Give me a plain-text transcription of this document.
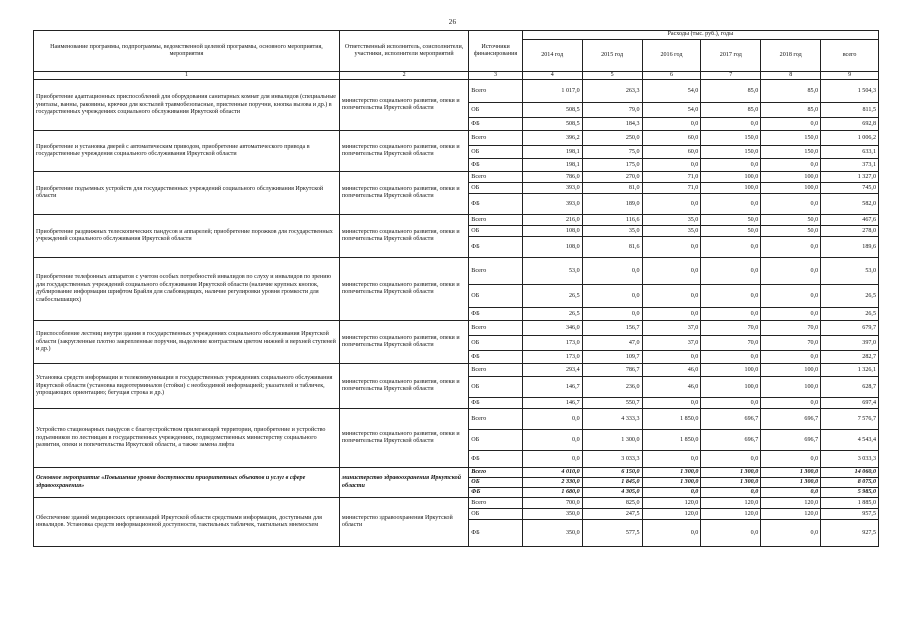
26
Наименование программы, подпрограммы, ведомственной целевой программы, основного мероприятия, мероприятия	Ответственный исполнитель, соисполнители, участники, исполнители мероприятий	Источники финансирования	Расходы (тыс. руб.), годы					
			2014 год	2015 год	2016 год	2017 год	2018 год	всего
1	2	3	4	5	6	7	8	9
Приобретение адаптационных приспособлений для оборудования санитарных комнат для инвалидов (специальные унитазы, ванны, раковины, крючки для костылей травмобезопасные, пристенные поручни, кнопка вызова и др.) в государственных учреждениях социального обслуживания Иркутской области	министерство социального развития, опеки и попечительства Иркутской области	Всего	1 017,0	263,3	54,0	85,0	85,0	1 504,3
		ОБ	508,5	79,0	54,0	85,0	85,0	811,5
		ФБ	508,5	184,3	0,0	0,0	0,0	692,8
Приобретение и установка дверей с автоматическим приводом, приобретение автоматического привода в государственные учреждения социального обслуживания Иркутской области	министерство социального развития, опеки и попечительства Иркутской области	Всего	396,2	250,0	60,0	150,0	150,0	1 006,2
		ОБ	198,1	75,0	60,0	150,0	150,0	633,1
		ФБ	198,1	175,0	0,0	0,0	0,0	373,1
Приобретение подъемных устройств для государственных учреждений социального обслуживания Иркутской области	министерство социального развития, опеки и попечительства Иркутской области	Всего	786,0	270,0	71,0	100,0	100,0	1 327,0
		ОБ	393,0	81,0	71,0	100,0	100,0	745,0
		ФБ	393,0	189,0	0,0	0,0	0,0	582,0
Приобретение раздвижных телескопических пандусов и аппарелей; приобретение порожков для государственных учреждений социального обслуживания Иркутской области	министерство социального развития, опеки и попечительства Иркутской области	Всего	216,0	116,6	35,0	50,0	50,0	467,6
		ОБ	108,0	35,0	35,0	50,0	50,0	278,0
		ФБ	108,0	81,6	0,0	0,0	0,0	189,6
Приобретение телефонных аппаратов с учетом особых потребностей инвалидов по слуху и инвалидов по зрению для государственных учреждений социального обслуживания Иркутской области (наличие крупных кнопок, дублирование информации шрифтом Брайля для слабовидящих, наличие регулировки уровня громкости для слабослышащих)	министерство социального развития, опеки и попечительства Иркутской области	Всего	53,0	0,0	0,0	0,0	0,0	53,0
		ОБ	26,5	0,0	0,0	0,0	0,0	26,5
		ФБ	26,5	0,0	0,0	0,0	0,0	26,5
Приспособление лестниц внутри здания в государственных учреждениях социального обслуживания Иркутской области (закругленные плотно закрепленные поручни, выделение контрастным цветом нижней и верхней ступеней и др.)	министерство социального развития, опеки и попечительства Иркутской области	Всего	346,0	156,7	37,0	70,0	70,0	679,7
		ОБ	173,0	47,0	37,0	70,0	70,0	397,0
		ФБ	173,0	109,7	0,0	0,0	0,0	282,7
Установка средств информации и телекоммуникации в государственных учреждениях социального обслуживания Иркутской области (установка видеотерминалов (стойки) с необходимой информацией; указателей и табличек, упрощающих ориентацию; бегущая строка и др.)	министерство социального развития, опеки и попечительства Иркутской области	Всего	293,4	786,7	46,0	100,0	100,0	1 326,1
		ОБ	146,7	236,0	46,0	100,0	100,0	628,7
		ФБ	146,7	550,7	0,0	0,0	0,0	697,4
Устройство стационарных пандусов с благоустройством прилегающей территории, приобретение и устройство подъемников по лестницам в государственных учреждениях, подведомственных министерству социального развития, опеки и попечительства Иркутской области, а также замена лифта	министерство социального развития, опеки и попечительства Иркутской области	Всего	0,0	4 333,3	1 850,0	696,7	696,7	7 576,7
		ОБ	0,0	1 300,0	1 850,0	696,7	696,7	4 543,4
		ФБ	0,0	3 033,3	0,0	0,0	0,0	3 033,3
Основное мероприятие «Повышение уровня доступности приоритетных объектов и услуг в сфере здравоохранения»	министерство здравоохранения Иркутской области	Всего	4 010,0	6 150,0	1 300,0	1 300,0	1 300,0	14 060,0
		ОБ	2 330,0	1 845,0	1 300,0	1 300,0	1 300,0	8 075,0
		ФБ	1 680,0	4 305,0	0,0	0,0	0,0	5 985,0
Обеспечение зданий медицинских организаций Иркутской области средствами информации, доступными для инвалидов. Установка средств информационной доступности, тактильных табличек, тактильных мнемосхем	министерство здравоохранения Иркутской области	Всего	700,0	825,0	120,0	120,0	120,0	1 885,0
		ОБ	350,0	247,5	120,0	120,0	120,0	957,5
		ФБ	350,0	577,5	0,0	0,0	0,0	927,5
